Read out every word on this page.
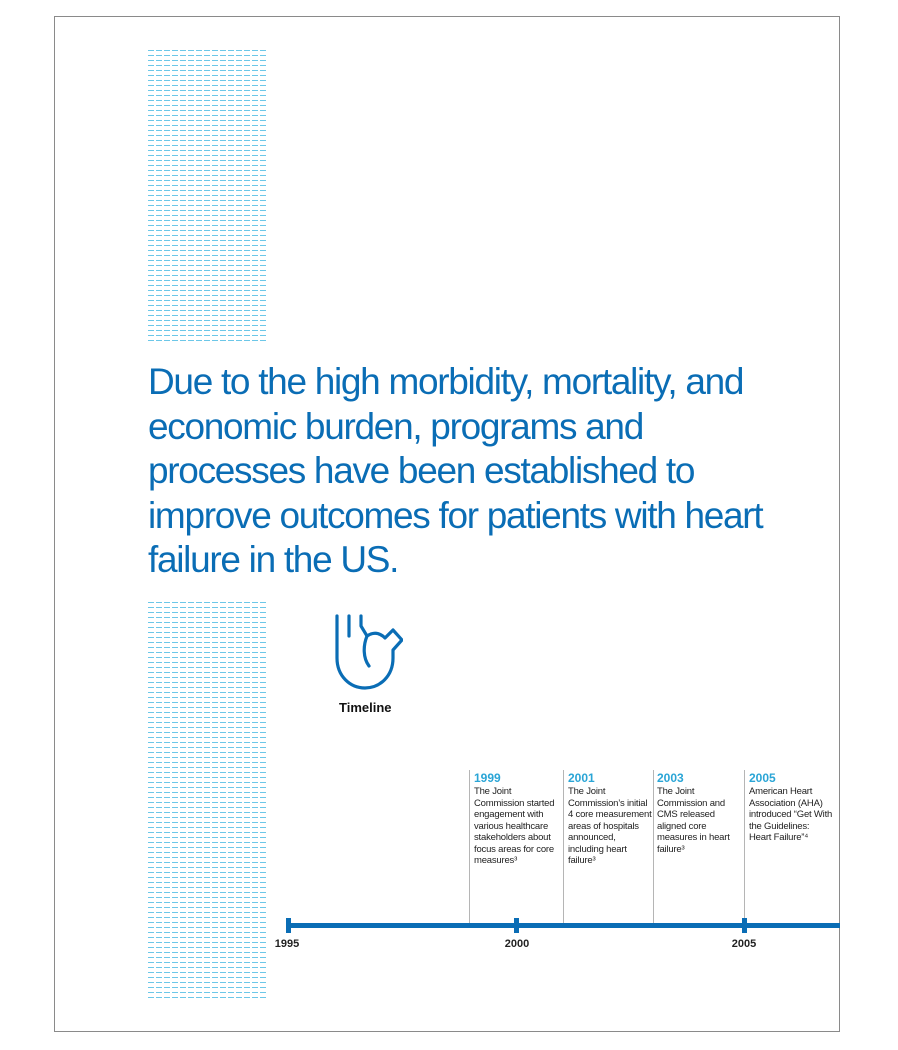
Due to the high morbidity, mortality, and economic burden, programs and processes have been established to improve outcomes for patients with heart failure in the US.
Timeline
1999
The Joint Commission started engagement with various healthcare stakeholders about focus areas for core measures³
2001
The Joint Commission’s initial 4 core measurement areas of hospitals announced, including heart failure³
2003
The Joint Commission and CMS released aligned core measures in heart failure³
2005
American Heart Association (AHA) introduced “Get With the Guidelines: Heart Failure”⁴
1995	2000	2005
